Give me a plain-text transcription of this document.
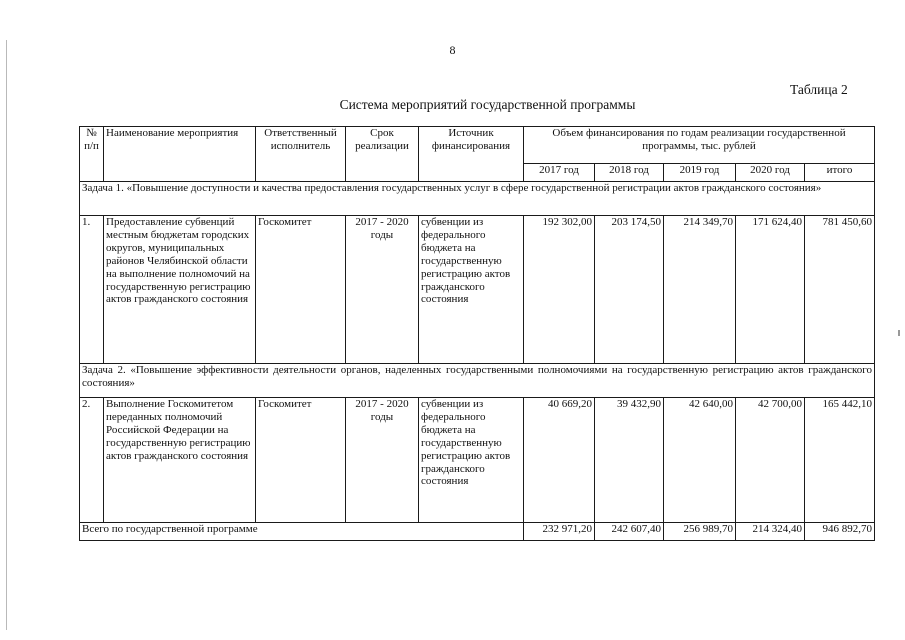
8
Таблица 2
Система мероприятий государственной программы
№ п/п	Наименование мероприятия	Ответственный исполнитель	Срок реализации	Источник финансирования	Объем финансирования по годам реализации государственной программы, тыс. рублей				
					2017 год	2018 год	2019 год	2020 год	итого
Задача 1. «Повышение доступности и качества предоставления государственных услуг в сфере государственной регистрации актов гражданского состояния»									
1.	Предоставление субвенций местным бюджетам городских округов, муниципальных районов Челябинской области на выполнение полномочий на государственную регистрацию актов гражданского состояния	Госкомитет	2017 - 2020 годы	субвенции из федерального бюджета на государственную регистрацию актов гражданского состояния	192 302,00	203 174,50	214 349,70	171 624,40	781 450,60
Задача 2. «Повышение эффективности деятельности органов, наделенных государственными полномочиями на государственную регистрацию актов гражданского состояния»									
2.	Выполнение Госкомитетом переданных полномочий Российской Федерации на государственную регистрацию актов гражданского состояния	Госкомитет	2017 - 2020 годы	субвенции из федерального бюджета на государственную регистрацию актов гражданского состояния	40 669,20	39 432,90	42 640,00	42 700,00	165 442,10
Всего по государственной программе					232 971,20	242 607,40	256 989,70	214 324,40	946 892,70
